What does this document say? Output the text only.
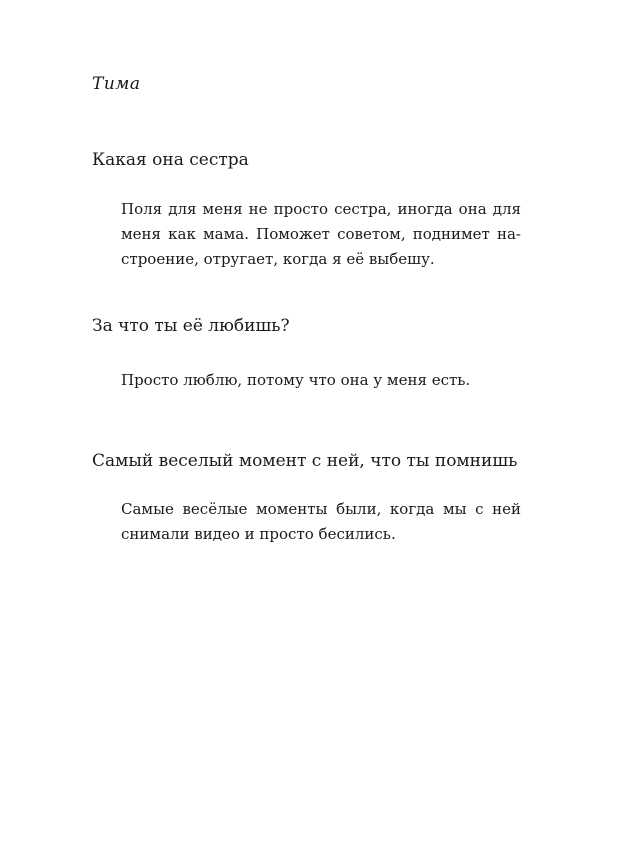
Тима
Какая она сестра

Поля для меня не просто сестра, иногда она для меня как мама. Поможет советом, поднимет настроение, отругает, когда я её выбешу.

За что ты её любишь?

Просто люблю, потому что она у меня есть.

Самый веселый момент с ней, что ты помнишь

Самые весёлые моменты были, когда мы с ней снимали видео и просто бесились.
